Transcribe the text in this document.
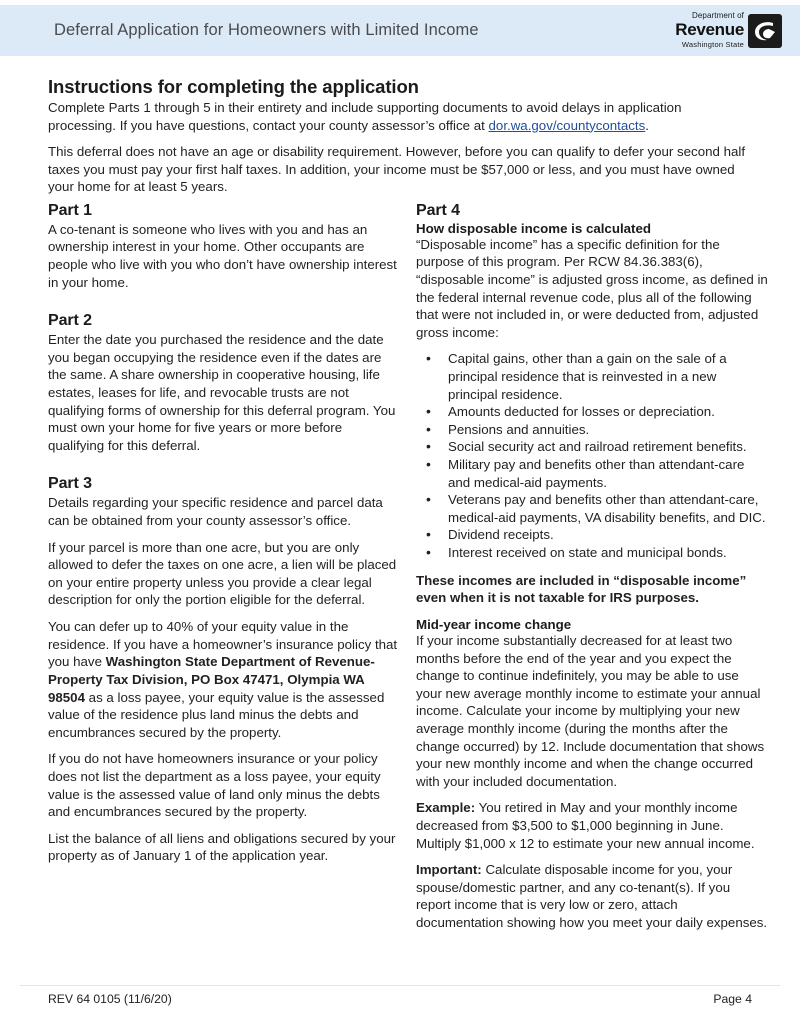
Deferral Application for Homeowners with Limited Income
Department of
Revenue
Washington State
Instructions for completing the application

Complete Parts 1 through 5 in their entirety and include supporting documents to avoid delays in application processing. If you have questions, contact your county assessor’s office at dor.wa.gov/countycontacts.

This deferral does not have an age or disability requirement. However, before you can qualify to defer your second half taxes you must pay your first half taxes. In addition, your income must be $57,000 or less, and you must have owned your home for at least 5 years.

Part 1

A co-tenant is someone who lives with you and has an ownership interest in your home. Other occupants are people who live with you who don’t have ownership interest in your home.

Part 2

Enter the date you purchased the residence and the date you began occupying the residence even if the dates are the same. A share ownership in cooperative housing, life estates, leases for life, and revocable trusts are not qualifying forms of ownership for this deferral program. You must own your home for five years or more before qualifying for this deferral.

Part 3

Details regarding your specific residence and parcel data can be obtained from your county assessor’s office.

If your parcel is more than one acre, but you are only allowed to defer the taxes on one acre, a lien will be placed on your entire property unless you provide a clear legal description for only the portion eligible for the deferral.

You can defer up to 40% of your equity value in the residence. If you have a homeowner’s insurance policy that you have Washington State Department of Revenue-Property Tax Division, PO Box 47471, Olympia WA 98504 as a loss payee, your equity value is the assessed value of the residence plus land minus the debts and encumbrances secured by the property.

If you do not have homeowners insurance or your policy does not list the department as a loss payee, your equity value is the assessed value of land only minus the debts and encumbrances secured by the property.

List the balance of all liens and obligations secured by your property as of January 1 of the application year.

Part 4
How disposable income is calculated

“Disposable income” has a specific definition for the purpose of this program. Per RCW 84.36.383(6), “disposable income” is adjusted gross income, as defined in the federal internal revenue code, plus all of the following that were not included in, or were deducted from, adjusted gross income:

• Capital gains, other than a gain on the sale of a principal residence that is reinvested in a new principal residence.
• Amounts deducted for losses or depreciation.
• Pensions and annuities.
• Social security act and railroad retirement benefits.
• Military pay and benefits other than attendant-care and medical-aid payments.
• Veterans pay and benefits other than attendant-care, medical-aid payments, VA disability benefits, and DIC.
• Dividend receipts.
• Interest received on state and municipal bonds.

These incomes are included in “disposable income” even when it is not taxable for IRS purposes.

Mid-year income change

If your income substantially decreased for at least two months before the end of the year and you expect the change to continue indefinitely, you may be able to use your new average monthly income to estimate your annual income. Calculate your income by multiplying your new average monthly income (during the months after the change occurred) by 12. Include documentation that shows your new monthly income and when the change occurred with your included documentation.

Example: You retired in May and your monthly income decreased from $3,500 to $1,000 beginning in June. Multiply $1,000 x 12 to estimate your new annual income.

Important: Calculate disposable income for you, your spouse/domestic partner, and any co-tenant(s). If you report income that is very low or zero, attach documentation showing how you meet your daily expenses.

REV 64 0105 (11/6/20)	Page 4
